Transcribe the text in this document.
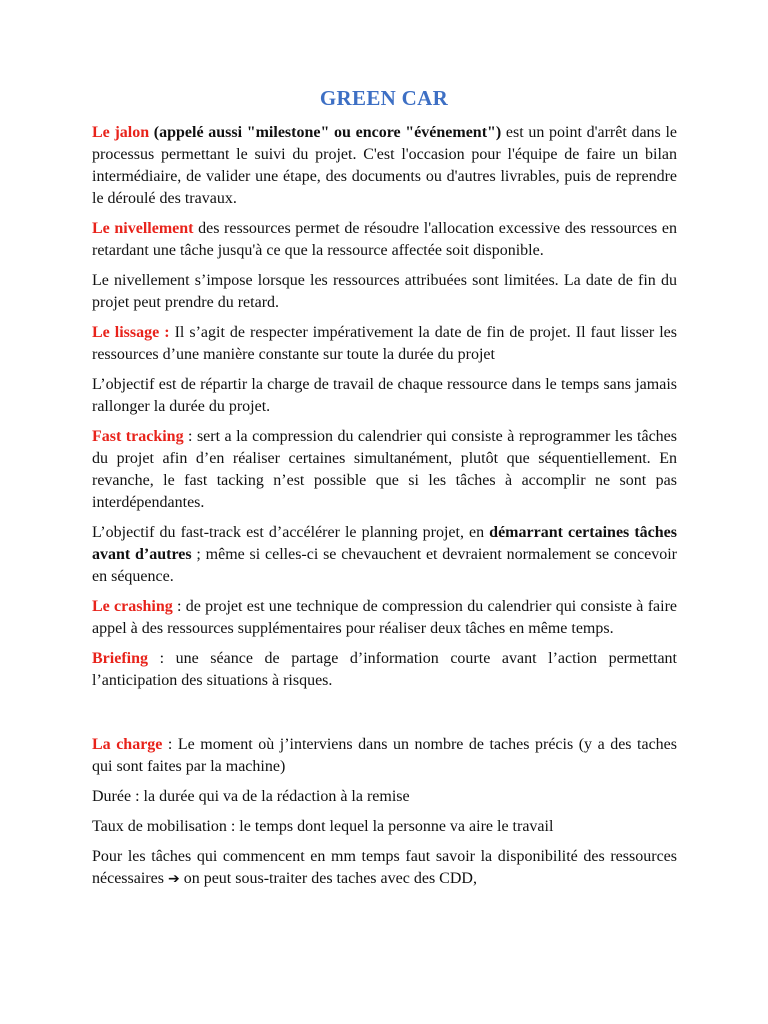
GREEN CAR

Le jalon (appelé aussi "milestone" ou encore "événement") est un point d'arrêt dans le processus permettant le suivi du projet. C'est l'occasion pour l'équipe de faire un bilan intermédiaire, de valider une étape, des documents ou d'autres livrables, puis de reprendre le déroulé des travaux.

Le nivellement des ressources permet de résoudre l'allocation excessive des ressources en retardant une tâche jusqu'à ce que la ressource affectée soit disponible.

Le nivellement s’impose lorsque les ressources attribuées sont limitées. La date de fin du projet peut prendre du retard.

Le lissage : Il s’agit de respecter impérativement la date de fin de projet. Il faut lisser les ressources d’une manière constante sur toute la durée du projet

L’objectif est de répartir la charge de travail de chaque ressource dans le temps sans jamais rallonger la durée du projet.

Fast tracking : sert a la compression du calendrier qui consiste à reprogrammer les tâches du projet afin d’en réaliser certaines simultanément, plutôt que séquentiellement. En revanche, le fast tacking n’est possible que si les tâches à accomplir ne sont pas interdépendantes.

L’objectif du fast-track est d’accélérer le planning projet, en démarrant certaines tâches avant d’autres ; même si celles-ci se chevauchent et devraient normalement se concevoir en séquence.

Le crashing : de projet est une technique de compression du calendrier qui consiste à faire appel à des ressources supplémentaires pour réaliser deux tâches en même temps.

Briefing : une séance de partage d’information courte avant l’action permettant l’anticipation des situations à risques.

La charge : Le moment où j’interviens dans un nombre de taches précis (y a des taches qui sont faites par la machine)

Durée : la durée qui va de la rédaction à la remise

Taux de mobilisation : le temps dont lequel la personne va aire le travail

Pour les tâches qui commencent en mm temps faut savoir la disponibilité des ressources nécessaires ➔ on peut sous-traiter des taches avec des CDD,
